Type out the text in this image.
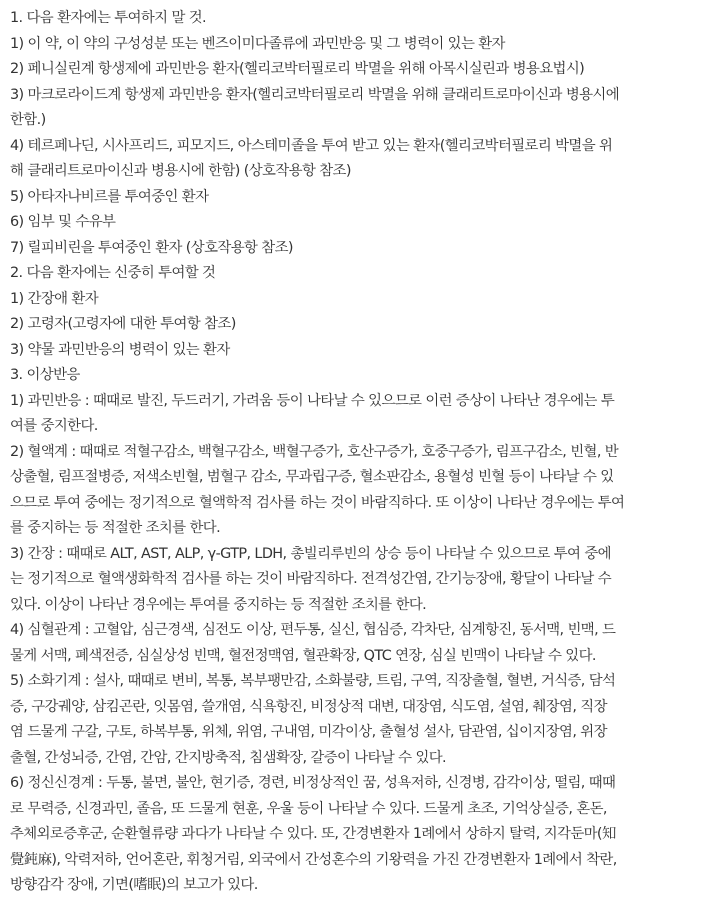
1. 다음 환자에는 투여하지 말 것.
1) 이 약, 이 약의 구성성분 또는 벤즈이미다졸류에 과민반응 및 그 병력이 있는 환자
2) 페니실린계 항생제에 과민반응 환자(헬리코박터필로리 박멸을 위해 아목시실린과 병용요법시)
3) 마크로라이드계 항생제 과민반응 환자(헬리코박터필로리 박멸을 위해 클래리트로마이신과 병용시에
한함.)
4) 테르페나딘, 시사프리드, 피모지드, 아스테미졸을 투여 받고 있는 환자(헬리코박터필로리 박멸을 위
해 클래리트로마이신과 병용시에 한함) (상호작용항 참조)
5) 아타자나비르를 투여중인 환자
6) 임부 및 수유부
7) 릴피비린을 투여중인 환자 (상호작용항 참조)
2. 다음 환자에는 신중히 투여할 것
1) 간장애 환자
2) 고령자(고령자에 대한 투여항 참조)
3) 약물 과민반응의 병력이 있는 환자
3. 이상반응
1) 과민반응 : 때때로 발진, 두드러기, 가려움 등이 나타날 수 있으므로 이런 증상이 나타난 경우에는 투
여를 중지한다.
2) 혈액계 : 때때로 적혈구감소, 백혈구감소, 백혈구증가, 호산구증가, 호중구증가, 림프구감소, 빈혈, 반
상출혈, 림프절병증, 저색소빈혈, 범혈구 감소, 무과립구증, 혈소판감소, 용혈성 빈혈 등이 나타날 수 있
으므로 투여 중에는 정기적으로 혈액학적 검사를 하는 것이 바람직하다. 또 이상이 나타난 경우에는 투여
를 중지하는 등 적절한 조치를 한다.
3) 간장 : 때때로 ALT, AST, ALP, γ-GTP, LDH, 총빌리루빈의 상승 등이 나타날 수 있으므로 투여 중에
는 정기적으로 혈액생화학적 검사를 하는 것이 바람직하다. 전격성간염, 간기능장애, 황달이 나타날 수
있다. 이상이 나타난 경우에는 투여를 중지하는 등 적절한 조치를 한다.
4) 심혈관계 : 고혈압, 심근경색, 심전도 이상, 편두통, 실신, 협심증, 각차단, 심계항진, 동서맥, 빈맥, 드
물게 서맥, 폐색전증, 심실상성 빈맥, 혈전정맥염, 혈관확장, QTC 연장, 심실 빈맥이 나타날 수 있다.
5) 소화기계 : 설사, 때때로 변비, 복통, 복부팽만감, 소화불량, 트림, 구역, 직장출혈, 혈변, 거식증, 담석
증, 구강궤양, 삼킴곤란, 잇몸염, 쓸개염, 식욕항진, 비정상적 대변, 대장염, 식도염, 설염, 췌장염, 직장
염 드물게 구갈, 구토, 하복부통, 위체, 위염, 구내염, 미각이상, 출혈성 설사, 담관염, 십이지장염, 위장
출혈, 간성뇌증, 간염, 간암, 간지방축적, 침샘확장, 갈증이 나타날 수 있다.
6) 정신신경계 : 두통, 불면, 불안, 현기증, 경련, 비정상적인 꿈, 성욕저하, 신경병, 감각이상, 떨림, 때때
로 무력증, 신경과민, 졸음, 또 드물게 현훈, 우울 등이 나타날 수 있다. 드물게 초조, 기억상실증, 혼돈,
추체외로증후군, 순환혈류량 과다가 나타날 수 있다. 또, 간경변환자 1례에서 상하지 탈력, 지각둔마(知
覺鈍麻), 악력저하, 언어혼란, 휘청거림, 외국에서 간성혼수의 기왕력을 가진 간경변환자 1례에서 착란,
방향감각 장애, 기면(嗜眠)의 보고가 있다.
